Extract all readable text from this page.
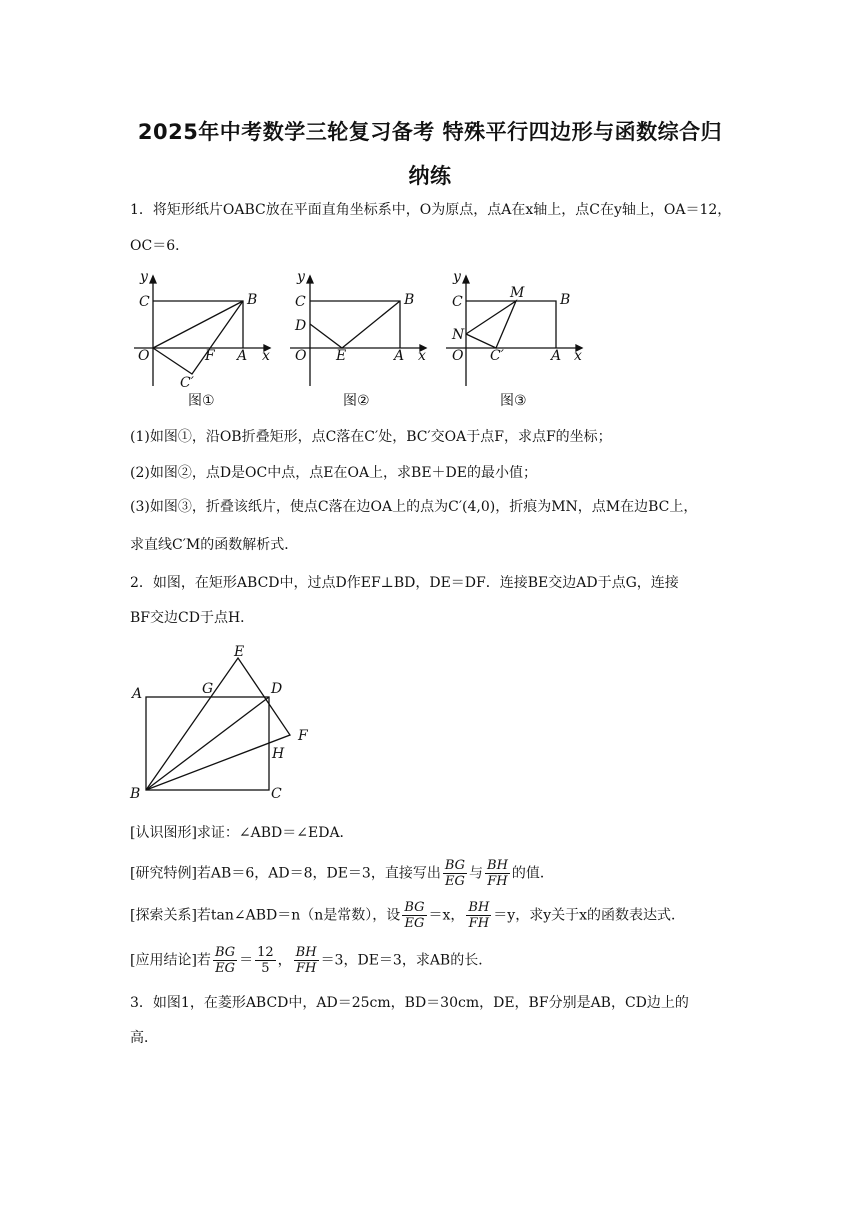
2025年中考数学三轮复习备考 特殊平行四边形与函数综合归
纳练
1．将矩形纸片OABC放在平面直角坐标系中，O为原点，点A在x轴上，点C在y轴上，OA＝12，
OC＝6．
y
x
C	B
O	F A
C′
图①
y
x
C	B
D
O E	A
图②
y
x
C
M	B
N
O C′	A
图③
(1)如图①，沿OB折叠矩形，点C落在C′处，BC′交OA于点F，求点F的坐标；
(2)如图②，点D是OC中点，点E在OA上，求BE＋DE的最小值；
(3)如图③，折叠该纸片，使点C落在边OA上的点为C′(4,0)，折痕为MN，点M在边BC上，
求直线C′M的函数解析式．
2．如图，在矩形ABCD中，过点D作EF⊥BD，DE＝DF．连接BE交边AD于点G，连接
BF交边CD于点H．
A	G
E
D
F
H
B	C
[认识图形]求证：∠ABD＝∠EDA．
[研究特例]若AB＝6，AD＝8，DE＝3，直接写出 $\frac{BG}{EG}$ 与 $\frac{BH}{FH}$ 的值．
[探索关系]若tan∠ABD＝n（n是常数），设 $\frac{BG}{EG} =x$， $\frac{BH}{FH} =y$，求y关于x的函数表达式．
[应用结论]若 $\frac{BG}{EG} = \frac{12}{5}$ ， $\frac{BH}{FH} =3$，DE＝3，求AB的长．
3．如图1，在菱形ABCD中，AD＝25cm，BD＝30cm，DE，BF分别是AB，CD边上的
高．
